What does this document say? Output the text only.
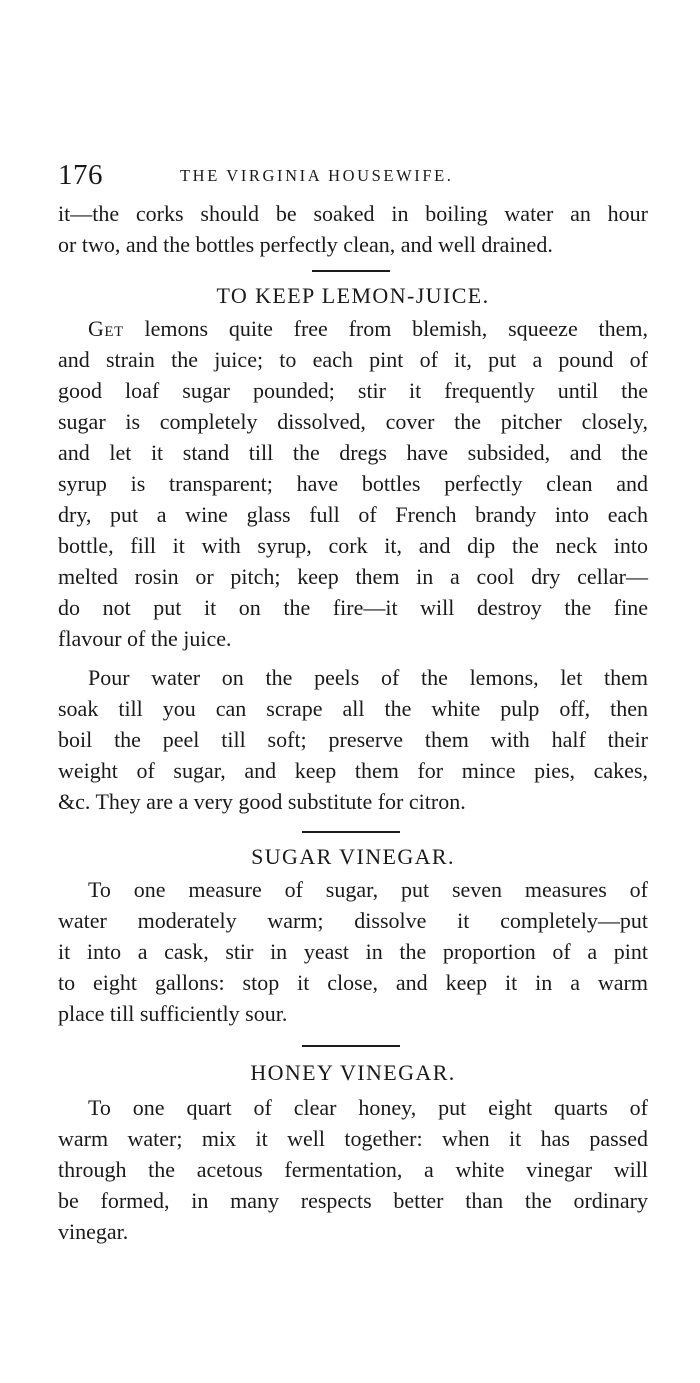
176	THE VIRGINIA HOUSEWIFE.
it—the corks should be soaked in boiling water an hour
or two, and the bottles perfectly clean, and well drained.
TO KEEP LEMON-JUICE.
Get lemons quite free from blemish, squeeze them,
and strain the juice; to each pint of it, put a pound of
good loaf sugar pounded; stir it frequently until the
sugar is completely dissolved, cover the pitcher closely,
and let it stand till the dregs have subsided, and the
syrup is transparent; have bottles perfectly clean and
dry, put a wine glass full of French brandy into each
bottle, fill it with syrup, cork it, and dip the neck into
melted rosin or pitch; keep them in a cool dry cellar—
do not put it on the fire—it will destroy the fine
flavour of the juice.
Pour water on the peels of the lemons, let them
soak till you can scrape all the white pulp off, then
boil the peel till soft; preserve them with half their
weight of sugar, and keep them for mince pies, cakes,
&c. They are a very good substitute for citron.
SUGAR VINEGAR.
To one measure of sugar, put seven measures of
water moderately warm; dissolve it completely—put
it into a cask, stir in yeast in the proportion of a pint
to eight gallons: stop it close, and keep it in a warm
place till sufficiently sour.
HONEY VINEGAR.
To one quart of clear honey, put eight quarts of
warm water; mix it well together: when it has passed
through the acetous fermentation, a white vinegar will
be formed, in many respects better than the ordinary
vinegar.
